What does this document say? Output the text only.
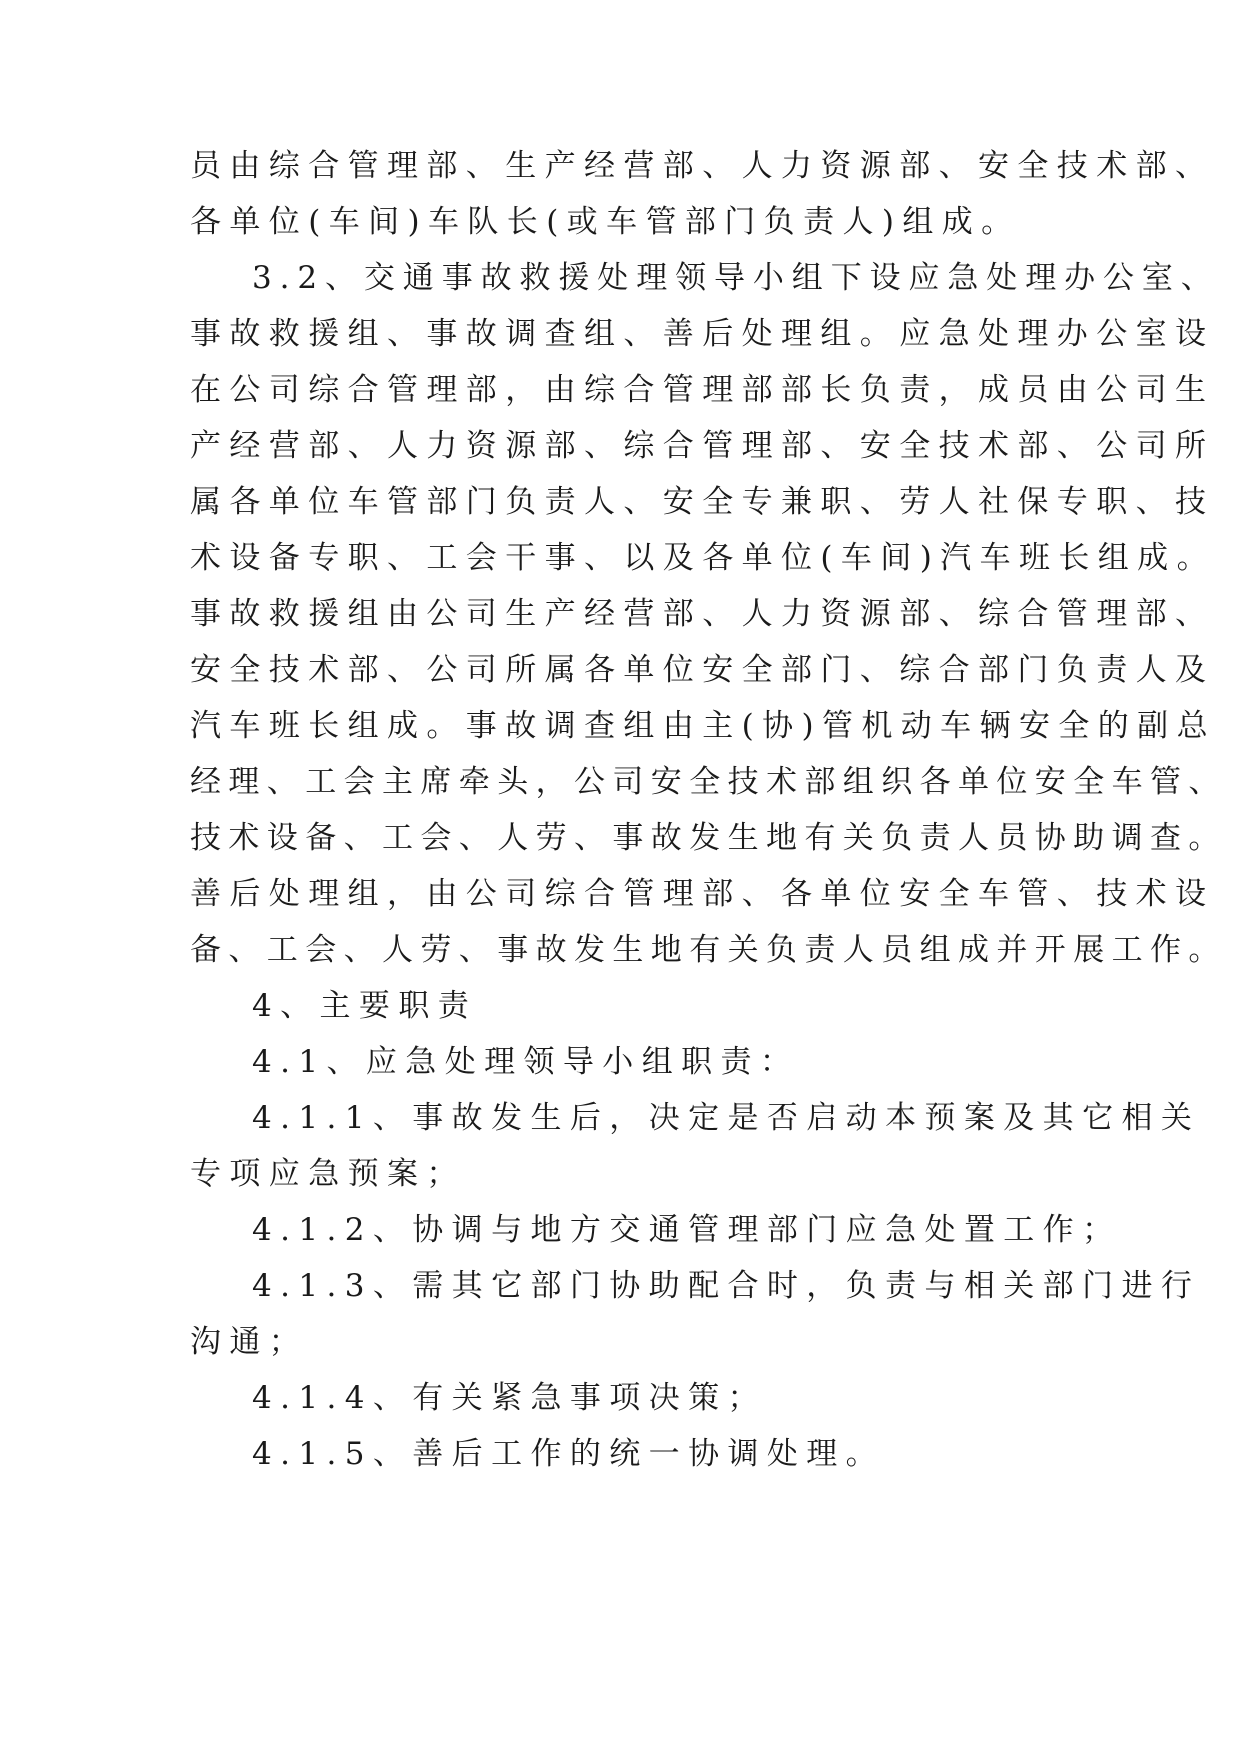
员由综合管理部、生产经营部、人力资源部、安全技术部、
各单位(车间)车队长(或车管部门负责人)组成。
3.2、交通事故救援处理领导小组下设应急处理办公室、
事故救援组、事故调查组、善后处理组。应急处理办公室设
在公司综合管理部，由综合管理部部长负责，成员由公司生
产经营部、人力资源部、综合管理部、安全技术部、公司所
属各单位车管部门负责人、安全专兼职、劳人社保专职、技
术设备专职、工会干事、以及各单位(车间)汽车班长组成。
事故救援组由公司生产经营部、人力资源部、综合管理部、
安全技术部、公司所属各单位安全部门、综合部门负责人及
汽车班长组成。事故调查组由主(协)管机动车辆安全的副总
经理、工会主席牵头，公司安全技术部组织各单位安全车管、
技术设备、工会、人劳、事故发生地有关负责人员协助调查。
善后处理组，由公司综合管理部、各单位安全车管、技术设
备、工会、人劳、事故发生地有关负责人员组成并开展工作。
4、主要职责
4.1、应急处理领导小组职责：
4.1.1、事故发生后，决定是否启动本预案及其它相关
专项应急预案；
4.1.2、协调与地方交通管理部门应急处置工作；
4.1.3、需其它部门协助配合时，负责与相关部门进行
沟通；
4.1.4、有关紧急事项决策；
4.1.5、善后工作的统一协调处理。
